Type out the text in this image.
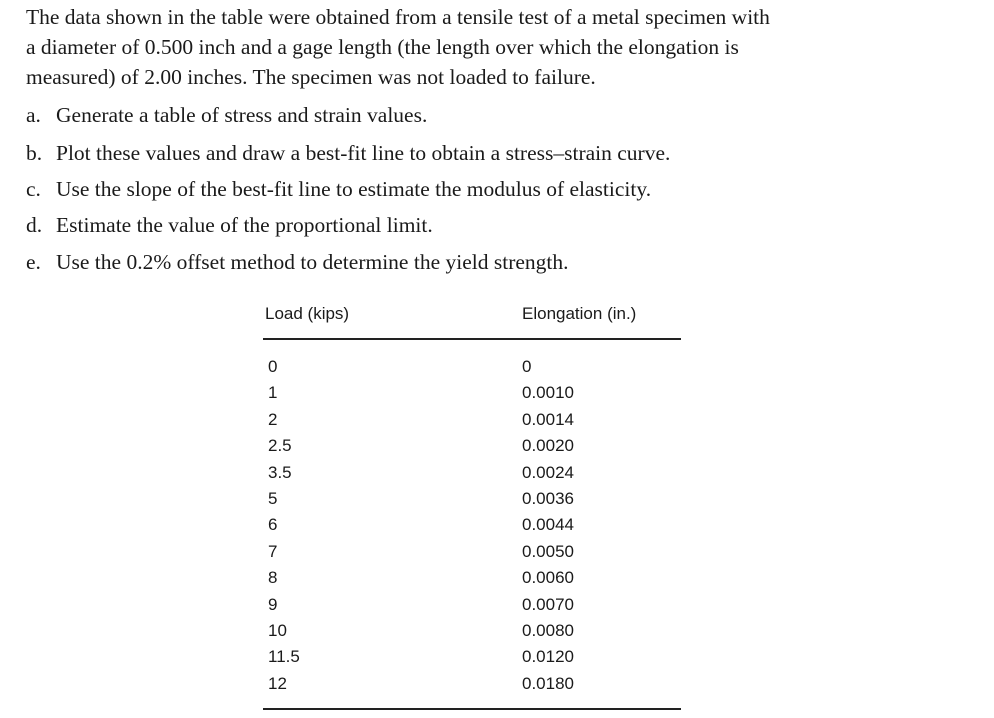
The data shown in the table were obtained from a tensile test of a metal specimen with

a diameter of 0.500 inch and a gage length (the length over which the elongation is

measured) of 2.00 inches. The specimen was not loaded to failure.

a. Generate a table of stress and strain values.
b. Plot these values and draw a best-fit line to obtain a stress–strain curve.
c. Use the slope of the best-fit line to estimate the modulus of elasticity.
d. Estimate the value of the proportional limit.
e. Use the 0.2% offset method to determine the yield strength.
Load (kips)	Elongation (in.)
0	0
1	0.0010
2	0.0014
2.5	0.0020
3.5	0.0024
5	0.0036
6	0.0044
7	0.0050
8	0.0060
9	0.0070
10	0.0080
11.5	0.0120
12	0.0180
